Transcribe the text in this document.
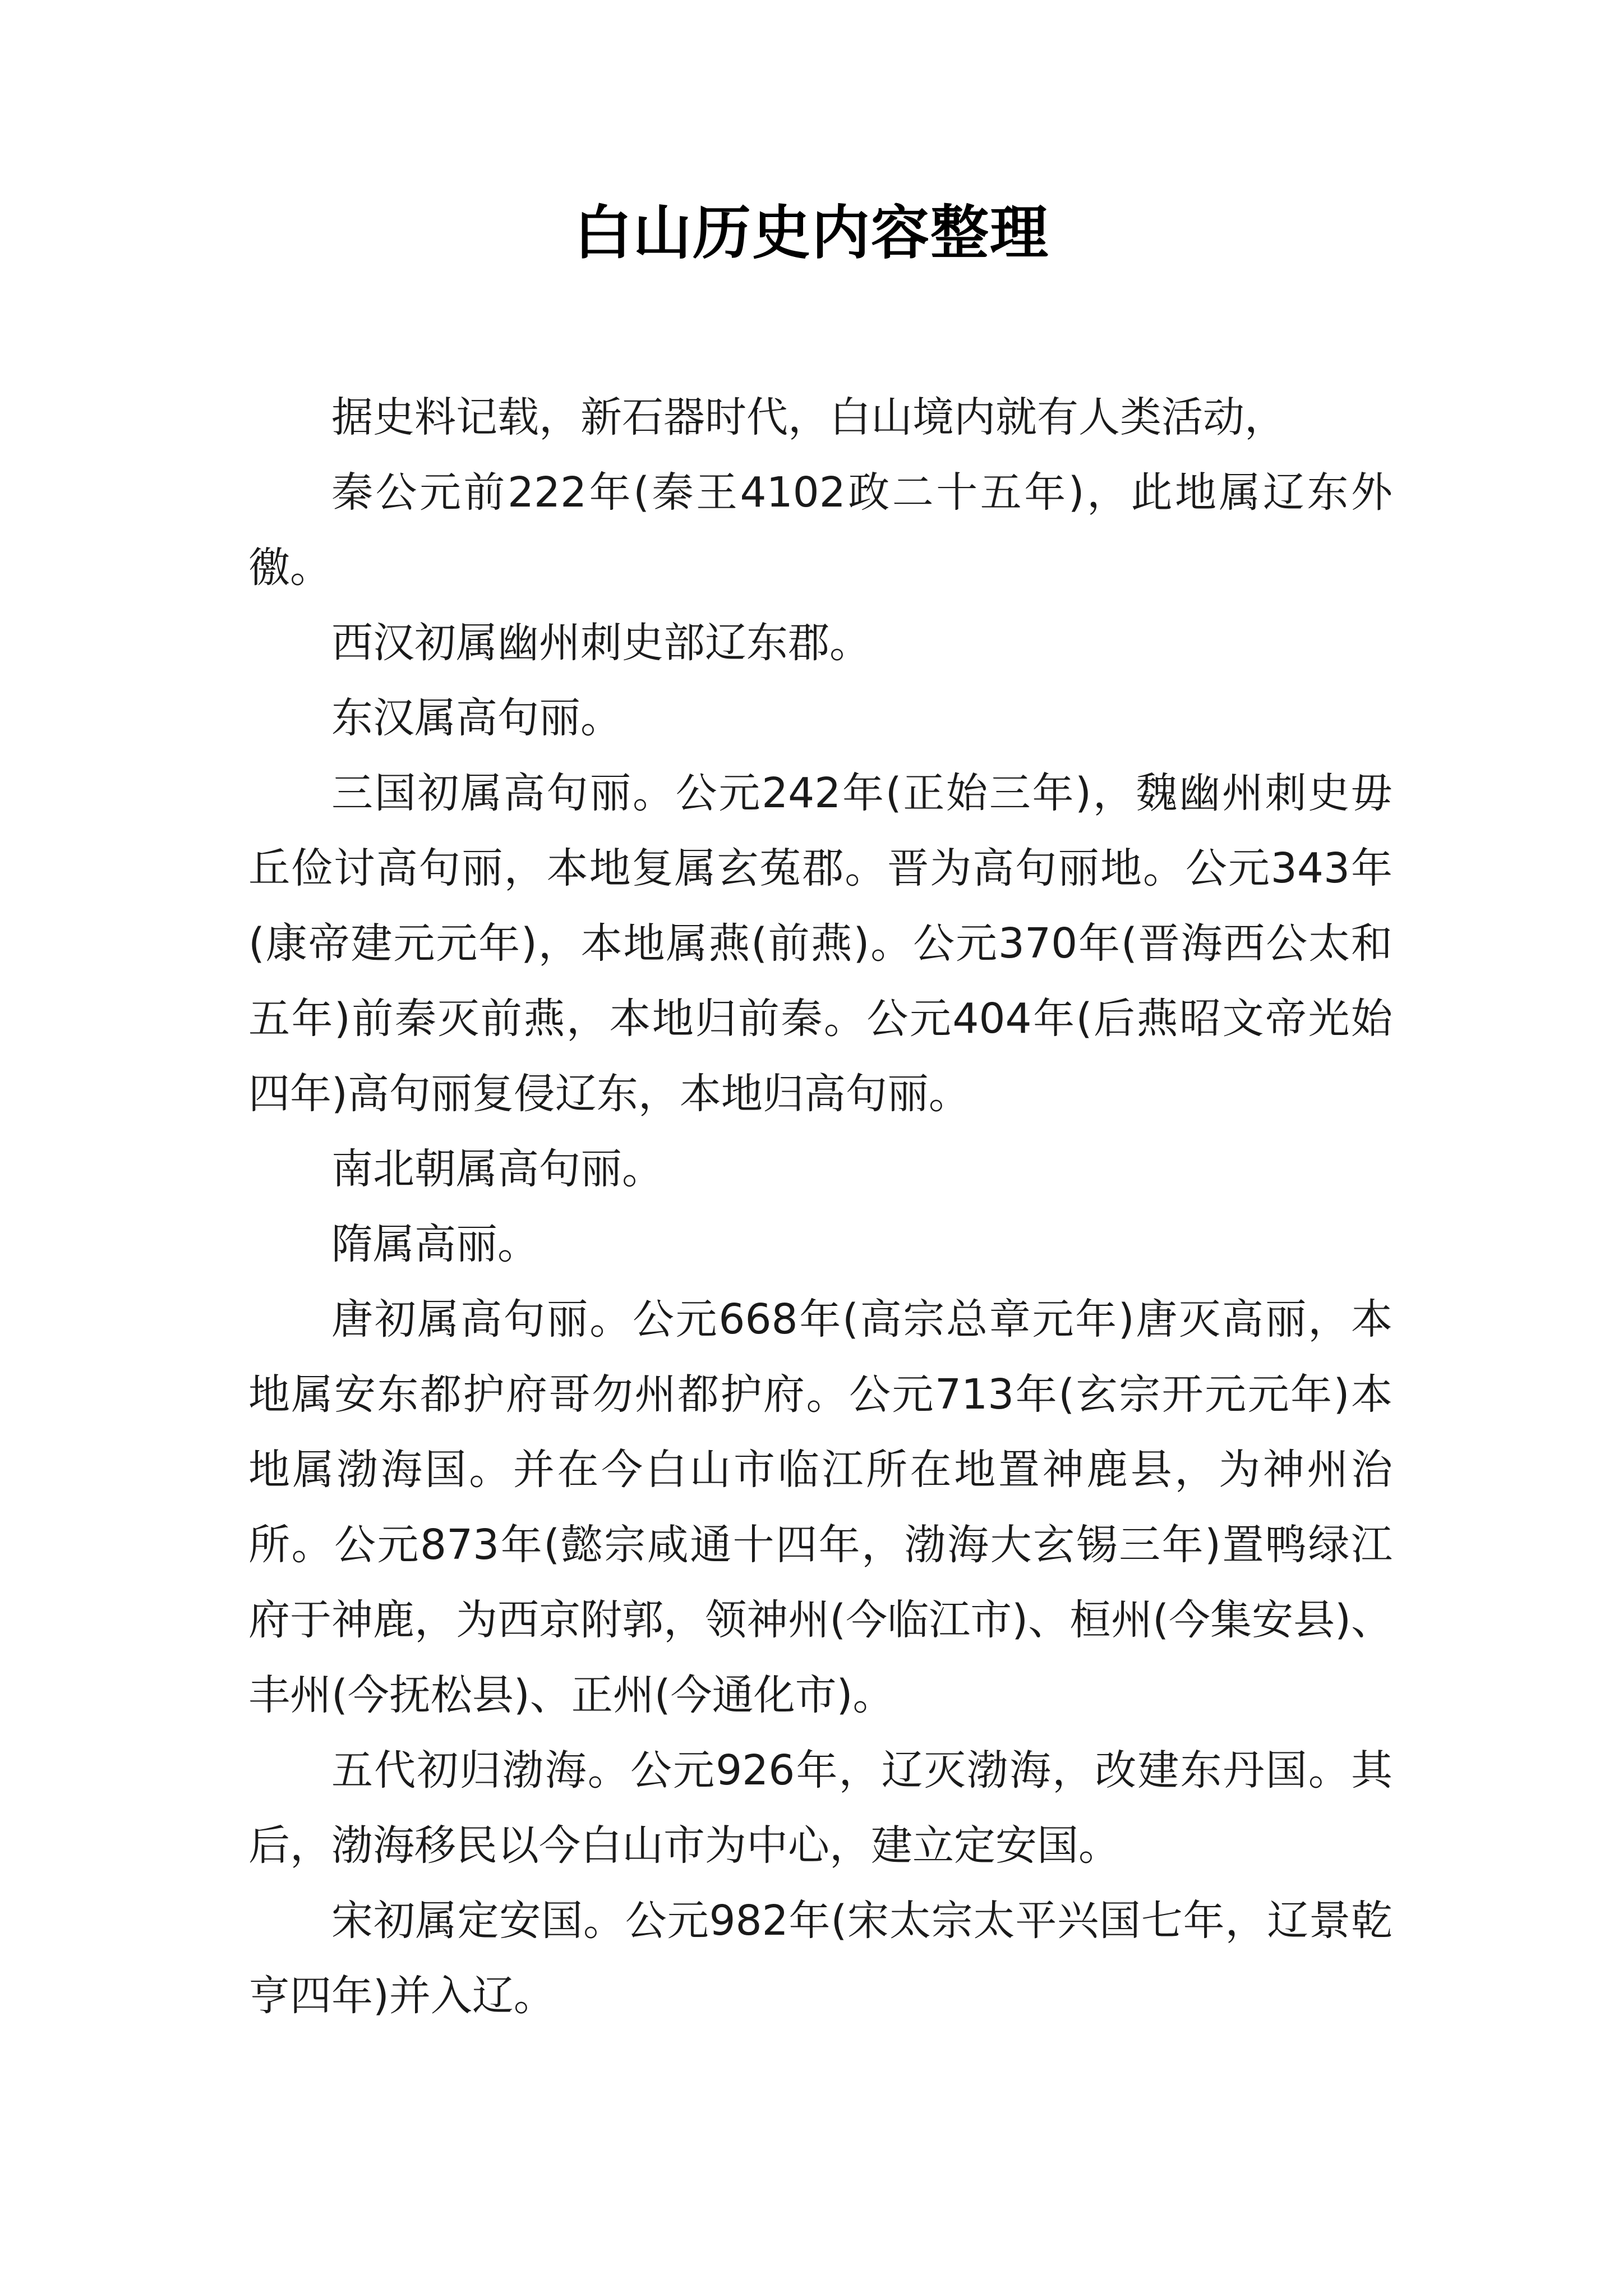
白山历史内容整理

据史料记载，新石器时代，白山境内就有人类活动，

秦公元前222年(秦王4102政二十五年)，此地属辽东外徼。

西汉初属幽州刺史部辽东郡。

东汉属高句丽。

三国初属高句丽。公元242年(正始三年)，魏幽州刺史毋丘俭讨高句丽，本地复属玄菟郡。晋为高句丽地。公元343年(康帝建元元年)，本地属燕(前燕)。公元370年(晋海西公太和五年)前秦灭前燕，本地归前秦。公元404年(后燕昭文帝光始四年)高句丽复侵辽东，本地归高句丽。

南北朝属高句丽。

隋属高丽。

唐初属高句丽。公元668年(高宗总章元年)唐灭高丽，本地属安东都护府哥勿州都护府。公元713年(玄宗开元元年)本地属渤海国。并在今白山市临江所在地置神鹿县，为神州治所。公元873年(懿宗咸通十四年，渤海大玄锡三年)置鸭绿江府于神鹿，为西京附郭，领神州(今临江市)、桓州(今集安县)、丰州(今抚松县)、正州(今通化市)。

五代初归渤海。公元926年，辽灭渤海，改建东丹国。其后，渤海移民以今白山市为中心，建立定安国。

宋初属定安国。公元982年(宋太宗太平兴国七年，辽景乾亨四年)并入辽。
